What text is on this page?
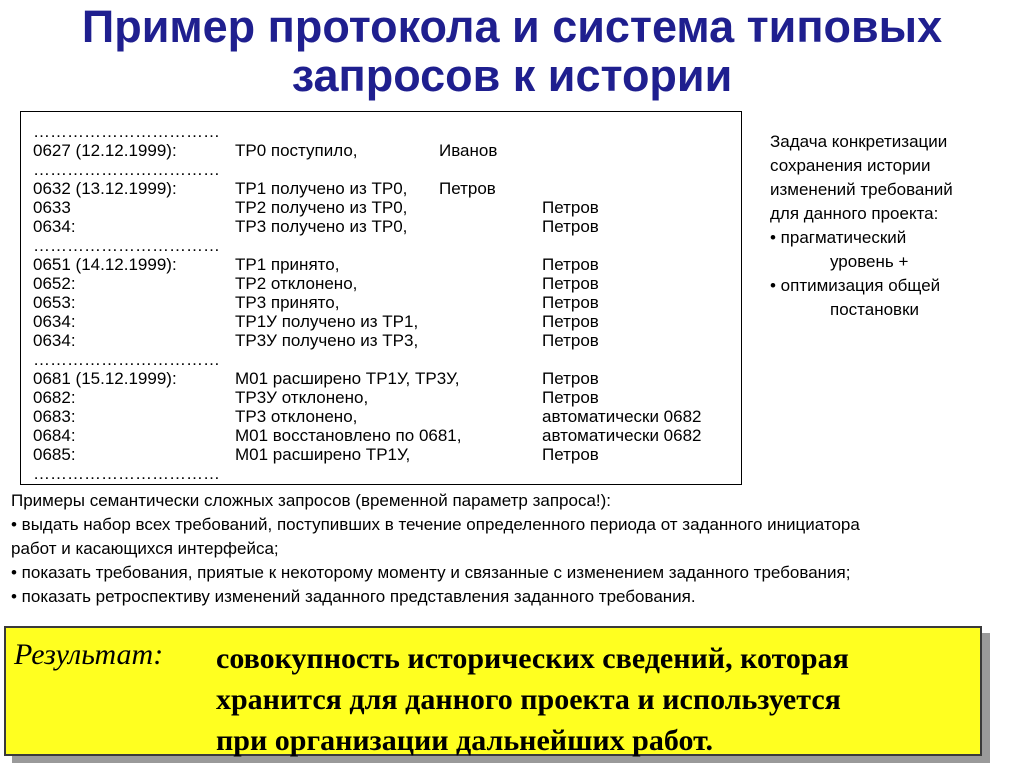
Пример протокола и система типовых
запросов к истории
……………………………
0627 (12.12.1999):	ТР0 поступило,	Иванов
……………………………
0632 (13.12.1999):	ТР1 получено из ТР0, Петров
0633	ТР2 получено из ТР0,	Петров
0634:	ТР3 получено из ТР0,	Петров
……………………………
0651 (14.12.1999):	ТР1 принято,	Петров
0652:	ТР2 отклонено,	Петров
0653:	ТР3 принято,	Петров
0634:	ТР1У получено из ТР1,	Петров
0634:	ТР3У получено из ТР3,	Петров
……………………………
0681 (15.12.1999):	М01 расширено ТР1У, ТР3У,	Петров
0682:	ТР3У отклонено,	Петров
0683:	ТР3 отклонено,	автоматически 0682
0684:	М01 восстановлено по 0681,	автоматически 0682
0685:	М01 расширено ТР1У,	Петров
……………………………
Задача конкретизации
сохранения истории
изменений требований
для данного проекта:
• прагматический
уровень +
• оптимизация общей
постановки
Примеры семантически сложных запросов (временной параметр запроса!):
• выдать набор всех требований, поступивших в течение определенного периода от заданного инициатора
работ и касающихся интерфейса;
• показать требования, приятые к некоторому моменту и связанные с изменением заданного требования;
• показать ретроспективу изменений заданного представления заданного требования.
Результат: совокупность исторических сведений, которая
хранится для данного проекта и используется
при организации дальнейших работ.
